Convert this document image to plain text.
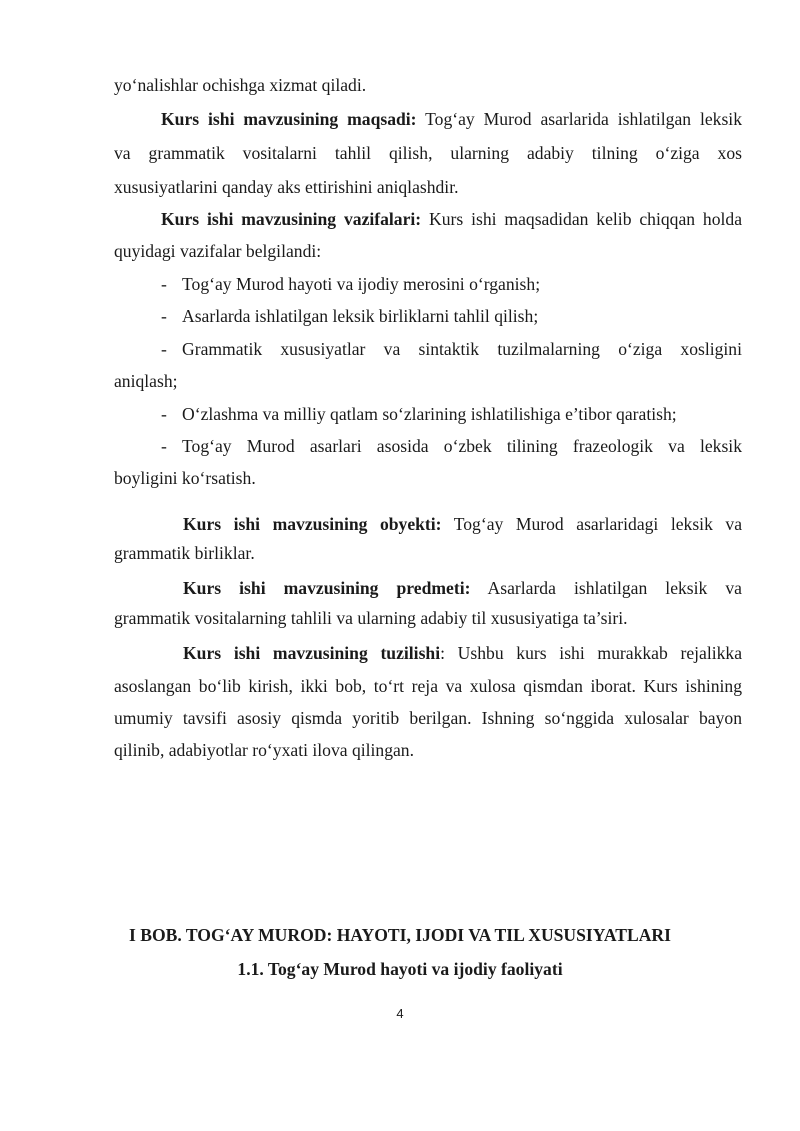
yo‘nalishlar ochishga xizmat qiladi.
Kurs ishi mavzusining maqsadi: Tog‘ay Murod asarlarida ishlatilgan leksik
va grammatik vositalarni tahlil qilish, ularning adabiy tilning o‘ziga xos
xususiyatlarini qanday aks ettirishini aniqlashdir.
Kurs ishi mavzusining vazifalari: Kurs ishi maqsadidan kelib chiqqan holda
quyidagi vazifalar belgilandi:
- Tog‘ay Murod hayoti va ijodiy merosini o‘rganish;
- Asarlarda ishlatilgan leksik birliklarni tahlil qilish;
- Grammatik xususiyatlar va sintaktik tuzilmalarning o‘ziga xosligini
aniqlash;
- O‘zlashma va milliy qatlam so‘zlarining ishlatilishiga e’tibor qaratish;
- Tog‘ay Murod asarlari asosida o‘zbek tilining frazeologik va leksik
boyligini ko‘rsatish.
Kurs ishi mavzusining obyekti: Tog‘ay Murod asarlaridagi leksik va
grammatik birliklar.
Kurs ishi mavzusining predmeti: Asarlarda ishlatilgan leksik va
grammatik vositalarning tahlili va ularning adabiy til xususiyatiga ta’siri.
Kurs ishi mavzusining tuzilishi: Ushbu kurs ishi murakkab rejalikka
asoslangan bo‘lib kirish, ikki bob, to‘rt reja va xulosa qismdan iborat. Kurs ishining
umumiy tavsifi asosiy qismda yoritib berilgan. Ishning so‘nggida xulosalar bayon
qilinib, adabiyotlar ro‘yxati ilova qilingan.
I BOB. TOG‘AY MUROD: HAYOTI, IJODI VA TIL XUSUSIYATLARI
1.1. Tog‘ay Murod hayoti va ijodiy faoliyati
4
